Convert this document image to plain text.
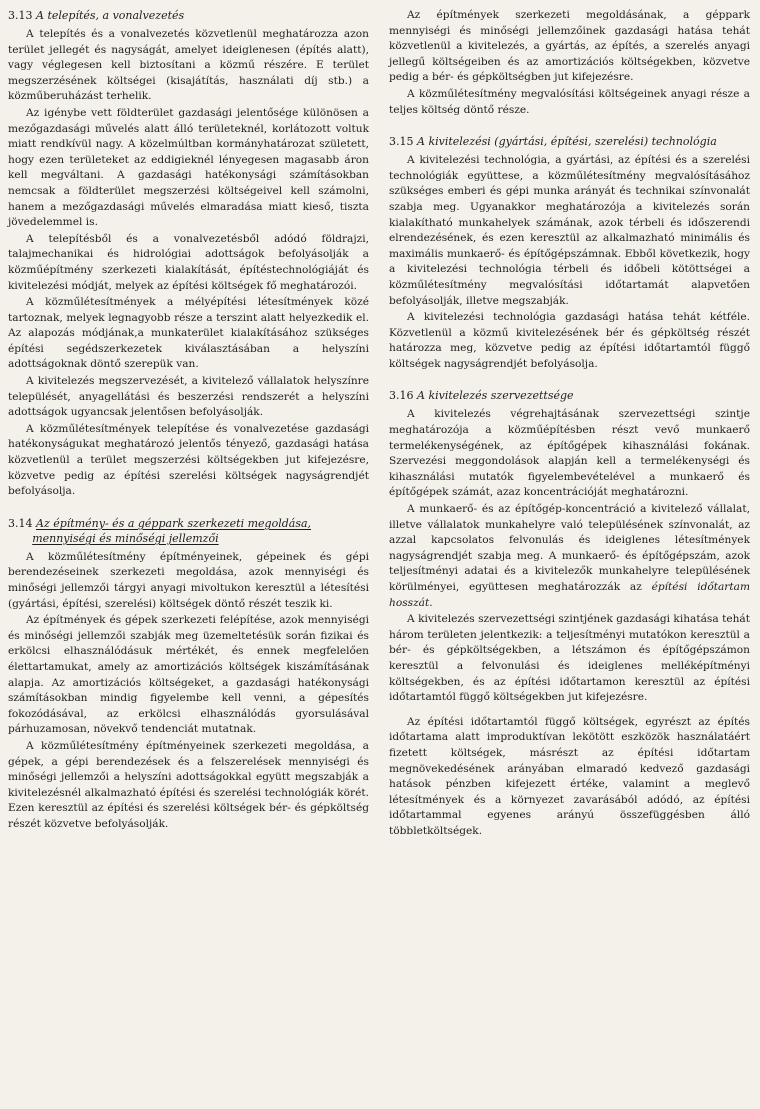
3.13 A telepítés, a vonalvezetés

A telepítés és a vonalvezetés közvetlenül meghatározza azon terület jellegét és nagyságát, amelyet ideiglenesen (építés alatt), vagy véglegesen kell biztosítani a közmű részére. E terület megszerzésének költségei (kisajátítás, használati díj stb.) a közműberuházást terhelik.

Az igénybe vett földterület gazdasági jelentősége különösen a mezőgazdasági művelés alatt álló területeknél, korlátozott voltuk miatt rendkívül nagy. A közelmúltban kormányhatározat született, hogy ezen területeket az eddigieknél lényegesen magasabb áron kell megváltani. A gazdasági hatékonysági számításokban nemcsak a földterület megszerzési költségeivel kell számolni, hanem a mezőgazdasági művelés elmaradása miatt kieső, tiszta jövedelemmel is.

A telepítésből és a vonalvezetésből adódó földrajzi, talajmechanikai és hidrológiai adottságok befolyásolják a közműépítmény szerkezeti kialakítását, építéstechnológiáját és kivitelezési módját, melyek az építési költségek fő meghatározói.

A közműlétesítmények a mélyépítési létesítmények közé tartoznak, melyek legnagyobb része a terszint alatt helyezkedik el. Az alapozás módjának,a munkaterület kialakításához szükséges építési segédszerkezetek kiválasztásában a helyszíni adottságoknak döntő szerepük van.

A kivitelezés megszervezését, a kivitelező vállalatok helyszínre települését, anyagellátási és beszerzési rendszerét a helyszíni adottságok ugyancsak jelentősen befolyásolják.

A közműlétesítmények telepítése és vonalvezetése gazdasági hatékonyságukat meghatározó jelentős tényező, gazdasági hatása közvetlenül a terület megszerzési költségekben jut kifejezésre, közvetve pedig az építési szerelési költségek nagyságrendjét befolyásolja.

3.14 Az építmény- és a géppark szerkezeti megoldása, mennyiségi és minőségi jellemzői

A közműlétesítmény építményeinek, gépeinek és gépi berendezéseinek szerkezeti megoldása, azok mennyiségi és minőségi jellemzői tárgyi anyagi mivoltukon keresztül a létesítési (gyártási, építési, szerelési) költségek döntő részét teszik ki.

Az építmények és gépek szerkezeti felépítése, azok mennyiségi és minőségi jellemzői szabják meg üzemeltetésük során fizikai és erkölcsi elhasználódásuk mértékét, és ennek megfelelően élettartamukat, amely az amortizációs költségek kiszámításának alapja. Az amortizációs költségeket, a gazdasági hatékonysági számításokban mindig figyelembe kell venni, a gépesítés fokozódásával, az erkölcsi elhasználódás gyorsulásával párhuzamosan, növekvő tendenciát mutatnak.

A közműlétesítmény építményeinek szerkezeti megoldása, a gépek, a gépi berendezések és a felszerelések mennyiségi és minőségi jellemzői a helyszíni adottságokkal együtt megszabják a kivitelezésnél alkalmazható építési és szerelési technológiák körét. Ezen keresztül az építési és szerelési költségek bér- és gépköltség részét közvetve befolyásolják.

Az építmények szerkezeti megoldásának, a géppark mennyiségi és minőségi jellemzőinek gazdasági hatása tehát közvetlenül a kivitelezés, a gyártás, az építés, a szerelés anyagi jellegű költségeiben és az amortizációs költségekben, közvetve pedig a bér- és gépköltségben jut kifejezésre.

A közműlétesítmény megvalósítási költségeinek anyagi része a teljes költség döntő része.

3.15 A kivitelezési (gyártási, építési, szerelési) technológia

A kivitelezési technológia, a gyártási, az építési és a szerelési technológiák együttese, a közműlétesítmény megvalósításához szükséges emberi és gépi munka arányát és technikai színvonalát szabja meg. Ugyanakkor meghatározója a kivitelezés során kialakítható munkahelyek számának, azok térbeli és időszerendi elrendezésének, és ezen keresztül az alkalmazható minimális és maximális munkaerő- és építőgépszámnak. Ebből következik, hogy a kivitelezési technológia térbeli és időbeli kötöttségei a közműlétesítmény megvalósítási időtartamát alapvetően befolyásolják, illetve megszabják.

A kivitelezési technológia gazdasági hatása tehát kétféle. Közvetlenül a közmű kivitelezésének bér és gépköltség részét határozza meg, közvetve pedig az építési időtartamtól függő költségek nagyságrendjét befolyásolja.

3.16 A kivitelezés szervezettsége

A kivitelezés végrehajtásának szervezettségi szintje meghatározója a közműépítésben részt vevő munkaerő termelékenységének, az építőgépek kihasználási fokának. Szervezési meggondolások alapján kell a termelékenységi és kihasználási mutatók figyelembevételével a munkaerő és építőgépek számát, azaz koncentrációját meghatározni.

A munkaerő- és az építőgép-koncentráció a kivitelező vállalat, illetve vállalatok munkahelyre való településének színvonalát, az azzal kapcsolatos felvonulás és ideiglenes létesítmények nagyságrendjét szabja meg. A munkaerő- és építőgépszám, azok teljesítményi adatai és a kivitelezők munkahelyre településének körülményei, együttesen meghatározzák az építési időtartam hosszát.

A kivitelezés szervezettségi szintjének gazdasági kihatása tehát három területen jelentkezik: a teljesítményi mutatókon keresztül a bér- és gépköltségekben, a létszámon és építőgépszámon keresztül a felvonulási és ideiglenes melléképítményi költségekben, és az építési időtartamon keresztül az építési időtartamtól függő költségekben jut kifejezésre.

Az építési időtartamtól függő költségek, egyrészt az építés időtartama alatt improduktívan lekötött eszközök használatáért fizetett költségek, másrészt az építési időtartam megnövekedésének arányában elmaradó kedvező gazdasági hatások pénzben kifejezett értéke, valamint a meglevő létesítmények és a környezet zavarásából adódó, az építési időtartammal egyenes arányú összefüggésben álló többletköltségek.
